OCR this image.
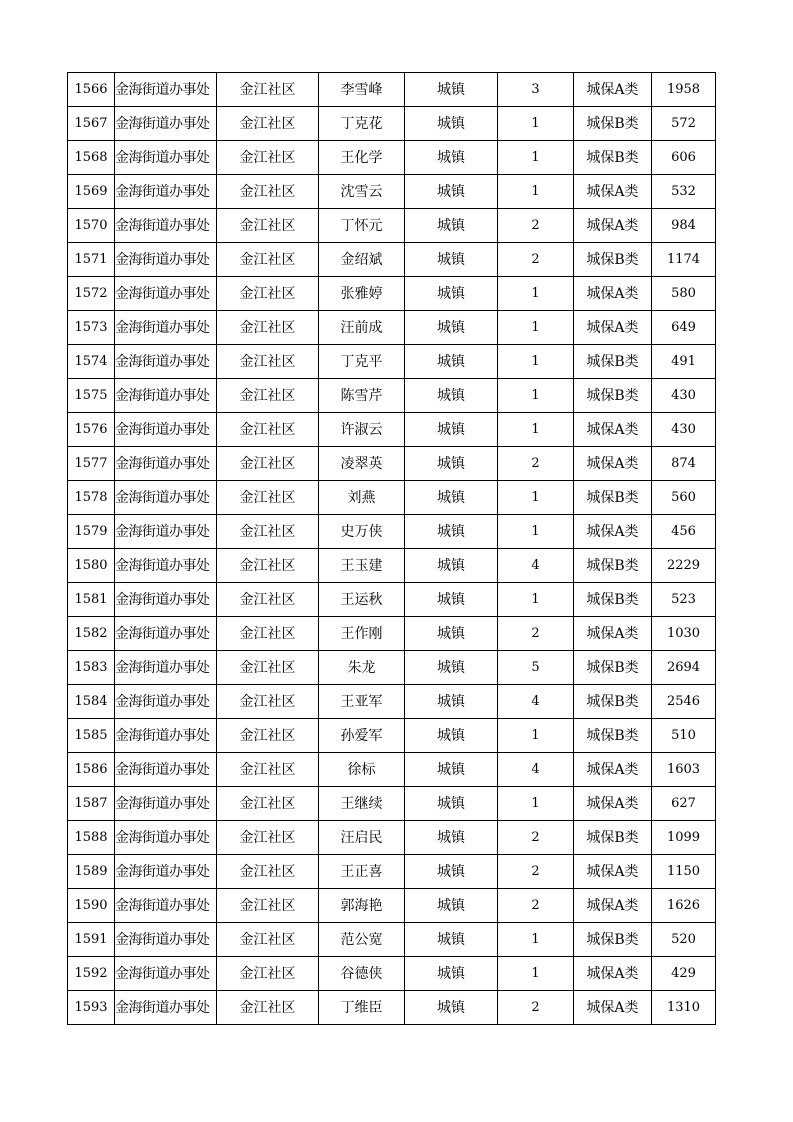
1566	金海街道办事处	金江社区	李雪峰	城镇	3	城保A类	1958
1567	金海街道办事处	金江社区	丁克花	城镇	1	城保B类	572
1568	金海街道办事处	金江社区	王化学	城镇	1	城保B类	606
1569	金海街道办事处	金江社区	沈雪云	城镇	1	城保A类	532
1570	金海街道办事处	金江社区	丁怀元	城镇	2	城保A类	984
1571	金海街道办事处	金江社区	金绍斌	城镇	2	城保B类	1174
1572	金海街道办事处	金江社区	张雅婷	城镇	1	城保A类	580
1573	金海街道办事处	金江社区	汪前成	城镇	1	城保A类	649
1574	金海街道办事处	金江社区	丁克平	城镇	1	城保B类	491
1575	金海街道办事处	金江社区	陈雪芹	城镇	1	城保B类	430
1576	金海街道办事处	金江社区	许淑云	城镇	1	城保A类	430
1577	金海街道办事处	金江社区	凌翠英	城镇	2	城保A类	874
1578	金海街道办事处	金江社区	刘燕	城镇	1	城保B类	560
1579	金海街道办事处	金江社区	史万侠	城镇	1	城保A类	456
1580	金海街道办事处	金江社区	王玉建	城镇	4	城保B类	2229
1581	金海街道办事处	金江社区	王运秋	城镇	1	城保B类	523
1582	金海街道办事处	金江社区	王作刚	城镇	2	城保A类	1030
1583	金海街道办事处	金江社区	朱龙	城镇	5	城保B类	2694
1584	金海街道办事处	金江社区	王亚军	城镇	4	城保B类	2546
1585	金海街道办事处	金江社区	孙爱军	城镇	1	城保B类	510
1586	金海街道办事处	金江社区	徐标	城镇	4	城保A类	1603
1587	金海街道办事处	金江社区	王继续	城镇	1	城保A类	627
1588	金海街道办事处	金江社区	汪启民	城镇	2	城保B类	1099
1589	金海街道办事处	金江社区	王正喜	城镇	2	城保A类	1150
1590	金海街道办事处	金江社区	郭海艳	城镇	2	城保A类	1626
1591	金海街道办事处	金江社区	范公宽	城镇	1	城保B类	520
1592	金海街道办事处	金江社区	谷德侠	城镇	1	城保A类	429
1593	金海街道办事处	金江社区	丁维臣	城镇	2	城保A类	1310
